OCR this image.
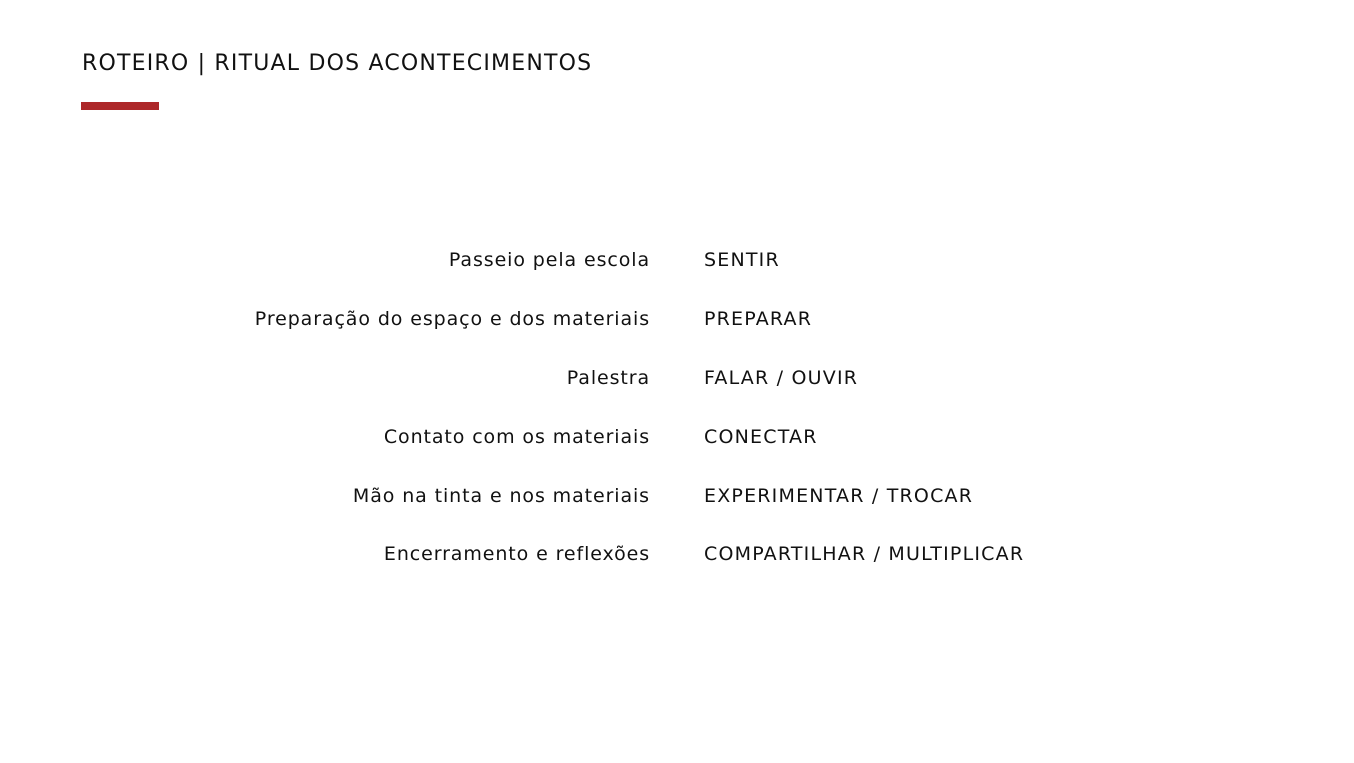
ROTEIRO | RITUAL DOS ACONTECIMENTOS
Passeio pela escola	SENTIR
Preparação do espaço e dos materiais	PREPARAR
Palestra	FALAR / OUVIR
Contato com os materiais	CONECTAR
Mão na tinta e nos materiais	EXPERIMENTAR / TROCAR
Encerramento e reflexões	COMPARTILHAR / MULTIPLICAR
